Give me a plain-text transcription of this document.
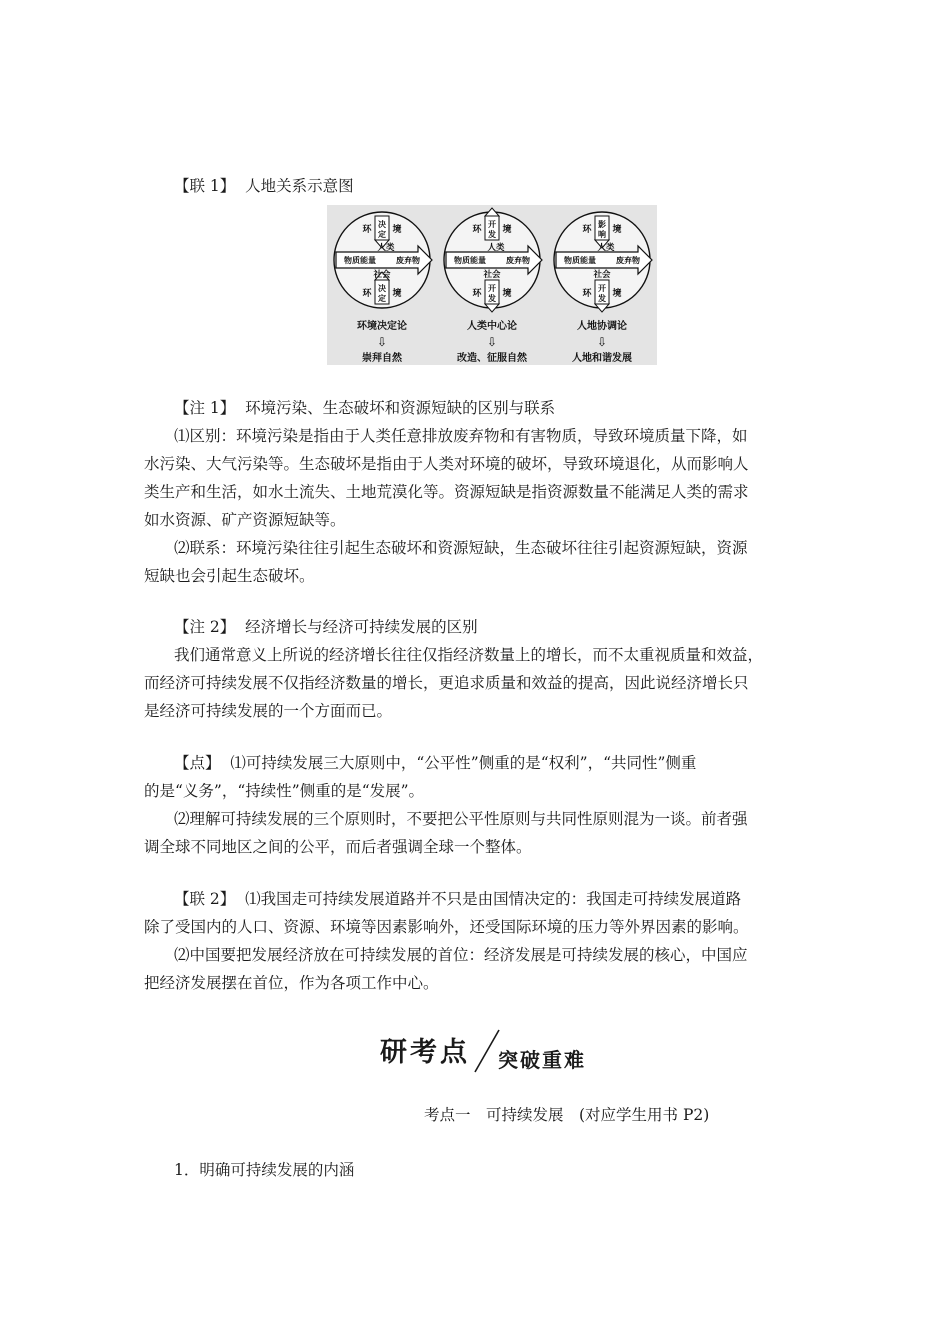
【联 1】 人地关系示意图
决
定
决
定
环 境
环 境
人类
社会
物质能量	废弃物
环境决定论
⇩
崇拜自然
开
发
开
发
环 境
环 境
人类
社会
物质能量	废弃物
人类中心论
⇩
改造、征服自然
影
响
开
发
环 境
环 境
人类
社会
物质能量	废弃物
人地协调论
⇩
人地和谐发展
【注 1】 环境污染、生态破坏和资源短缺的区别与联系
⑴区别：环境污染是指由于人类任意排放废弃物和有害物质，导致环境质量下降，如
水污染、大气污染等。生态破坏是指由于人类对环境的破坏，导致环境退化，从而影响人
类生产和生活，如水土流失、土地荒漠化等。资源短缺是指资源数量不能满足人类的需求
如水资源、矿产资源短缺等。
⑵联系：环境污染往往引起生态破坏和资源短缺，生态破坏往往引起资源短缺，资源
短缺也会引起生态破坏。
【注 2】 经济增长与经济可持续发展的区别
我们通常意义上所说的经济增长往往仅指经济数量上的增长，而不太重视质量和效益，
而经济可持续发展不仅指经济数量的增长，更追求质量和效益的提高，因此说经济增长只
是经济可持续发展的一个方面而已。
【点】 ⑴可持续发展三大原则中，“公平性”侧重的是“权利”，“共同性”侧重
的是“义务”，“持续性”侧重的是“发展”。
⑵理解可持续发展的三个原则时，不要把公平性原则与共同性原则混为一谈。前者强
调全球不同地区之间的公平，而后者强调全球一个整体。
【联 2】 ⑴我国走可持续发展道路并不只是由国情决定的：我国走可持续发展道路
除了受国内的人口、资源、环境等因素影响外，还受国际环境的压力等外界因素的影响。
⑵中国要把发展经济放在可持续发展的首位：经济发展是可持续发展的核心，中国应
把经济发展摆在首位，作为各项工作中心。
研考点 突破重难
考点一　可持续发展　(对应学生用书 P2)
1．明确可持续发展的内涵
